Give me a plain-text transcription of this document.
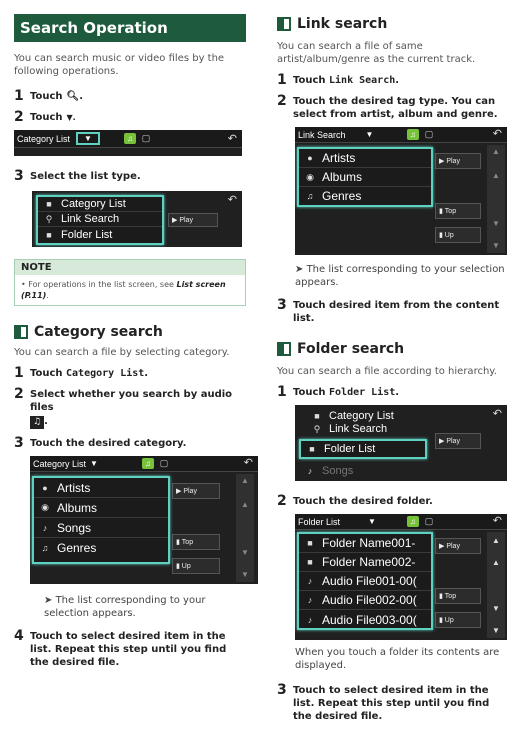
Search Operation
You can search music or video files by the following operations.
1 Touch 🔍︎.
2 Touch ▼.
Category List	▼	♫ ▢	↶
3 Select the list type.
↶
▶ Play
■ Category List
⚲ Link Search
■ Folder List
NOTE
• For operations in the list screen, see List screen (P.11).
Category search
You can search a file by selecting category.
1 Touch Category List.
2 Select whether you search by audio files
♫ .
3 Touch the desired category.
Category List ▼	♫ ▢	↶
▶ Play
▮ Top
▮ Up
▲
▲
▼
▼
● Artists
◉ Albums
♪ Songs
♫ Genres
➤ The list corresponding to your selection appears.
4 Touch to select desired item in the list. Repeat this step until you find the desired file.
Link search
You can search a file of same artist/album/genre as the current track.
1 Touch Link Search.
2 Touch the desired tag type. You can select from artist, album and genre.
Link Search	▼	♫ ▢	↶
▶ Play
▮ Top
▮ Up
▲
▲
▼
▼
● Artists
◉ Albums
♫ Genres
➤ The list corresponding to your selection appears.
3 Touch desired item from the content list.
Folder search
You can search a file according to hierarchy.
1 Touch Folder List.
↶
▶ Play
■ Category List
⚲ Link Search
■ Folder List
♪ Songs
2 Touch the desired folder.
Folder List	▼	♫ ▢	↶
▶ Play
▮ Top
▮ Up
▲
▲
▼
▼
■ Folder Name001-
■ Folder Name002-
♪ Audio File001-00(
♪ Audio File002-00(
♪ Audio File003-00(
When you touch a folder its contents are displayed.
3 Touch to select desired item in the list. Repeat this step until you find the desired file.
